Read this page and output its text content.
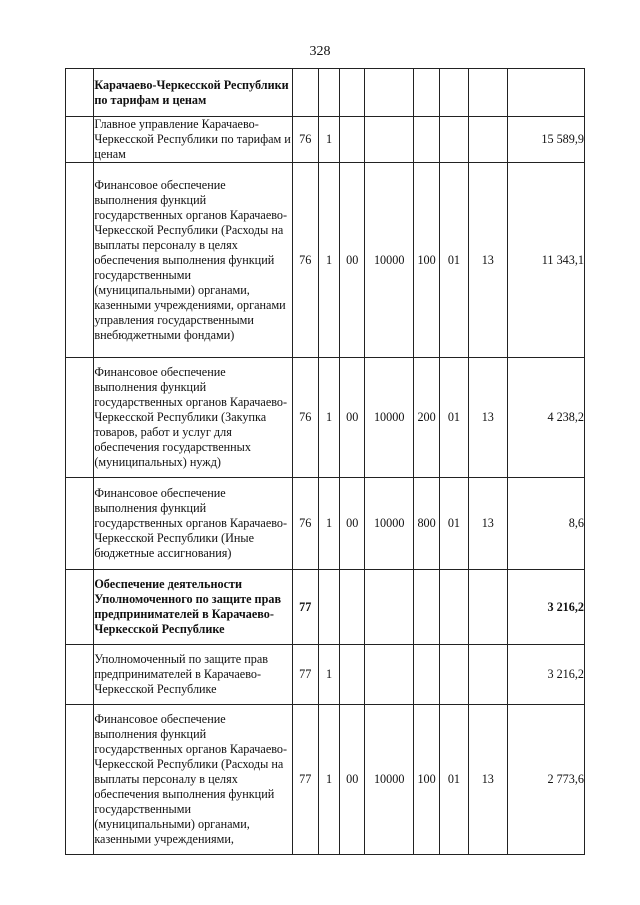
328
	Карачаево-Черкесской Республики по тарифам и ценам								
	Главное управление Карачаево-Черкесской Республики по тарифам и ценам	76	1						15 589,9
	Финансовое обеспечение выполнения функций государственных органов Карачаево-Черкесской Республики (Расходы на выплаты персоналу в целях обеспечения выполнения функций государственными (муниципальными) органами, казенными учреждениями, органами управления государственными внебюджетными фондами)	76	1	00	10000	100	01	13	11 343,1
	Финансовое обеспечение выполнения функций государственных органов Карачаево-Черкесской Республики (Закупка товаров, работ и услуг для обеспечения государственных (муниципальных) нужд)	76	1	00	10000	200	01	13	4 238,2
	Финансовое обеспечение выполнения функций государственных органов Карачаево-Черкесской Республики (Иные бюджетные ассигнования)	76	1	00	10000	800	01	13	8,6
	Обеспечение деятельности Уполномоченного по защите прав предпринимателей в Карачаево-Черкесской Республике	77							3 216,2
	Уполномоченный по защите прав предпринимателей в Карачаево-Черкесской Республике	77	1						3 216,2
	Финансовое обеспечение выполнения функций государственных органов Карачаево-Черкесской Республики (Расходы на выплаты персоналу в целях обеспечения выполнения функций государственными (муниципальными) органами, казенными учреждениями,	77	1	00	10000	100	01	13	2 773,6
